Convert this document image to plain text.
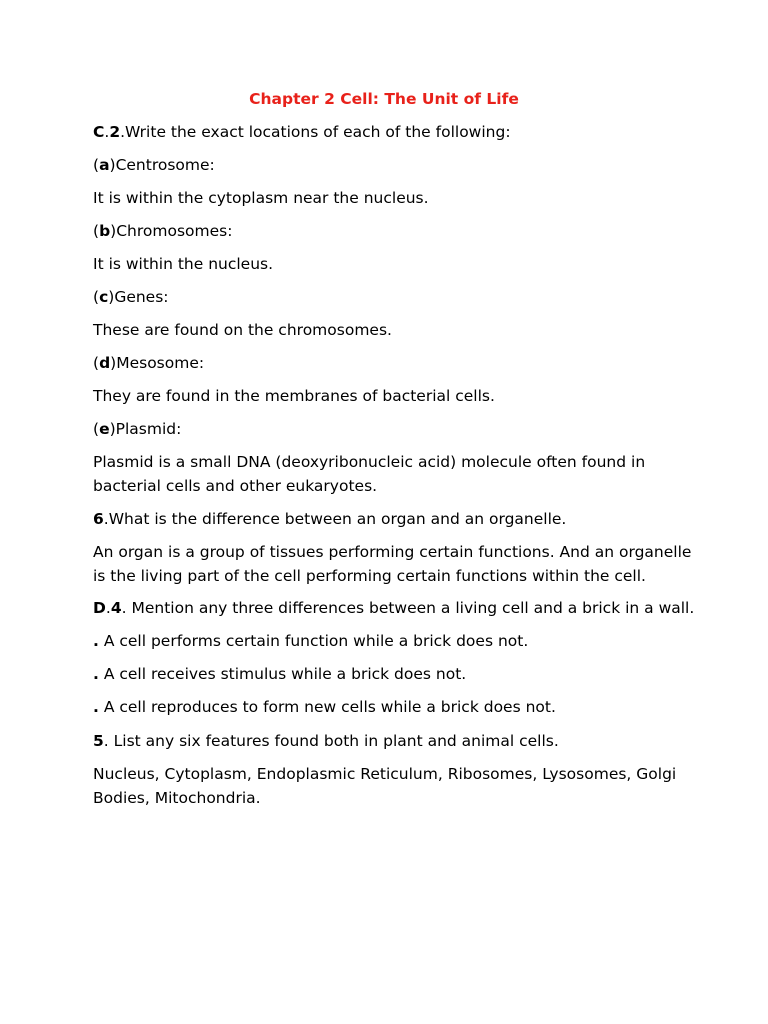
Chapter 2 Cell: The Unit of Life
C.2.Write the exact locations of each of the following:
(a)Centrosome:
It is within the cytoplasm near the nucleus.
(b)Chromosomes:
It is within the nucleus.
(c)Genes:
These are found on the chromosomes.
(d)Mesosome:
They are found in the membranes of bacterial cells.
(e)Plasmid:
Plasmid is a small DNA (deoxyribonucleic acid) molecule often found in
bacterial cells and other eukaryotes.
6.What is the difference between an organ and an organelle.
An organ is a group of tissues performing certain functions. And an organelle
is the living part of the cell performing certain functions within the cell.
D.4. Mention any three differences between a living cell and a brick in a wall.
. A cell performs certain function while a brick does not.
. A cell receives stimulus while a brick does not.
. A cell reproduces to form new cells while a brick does not.
5. List any six features found both in plant and animal cells.
Nucleus, Cytoplasm, Endoplasmic Reticulum, Ribosomes, Lysosomes, Golgi
Bodies, Mitochondria.
